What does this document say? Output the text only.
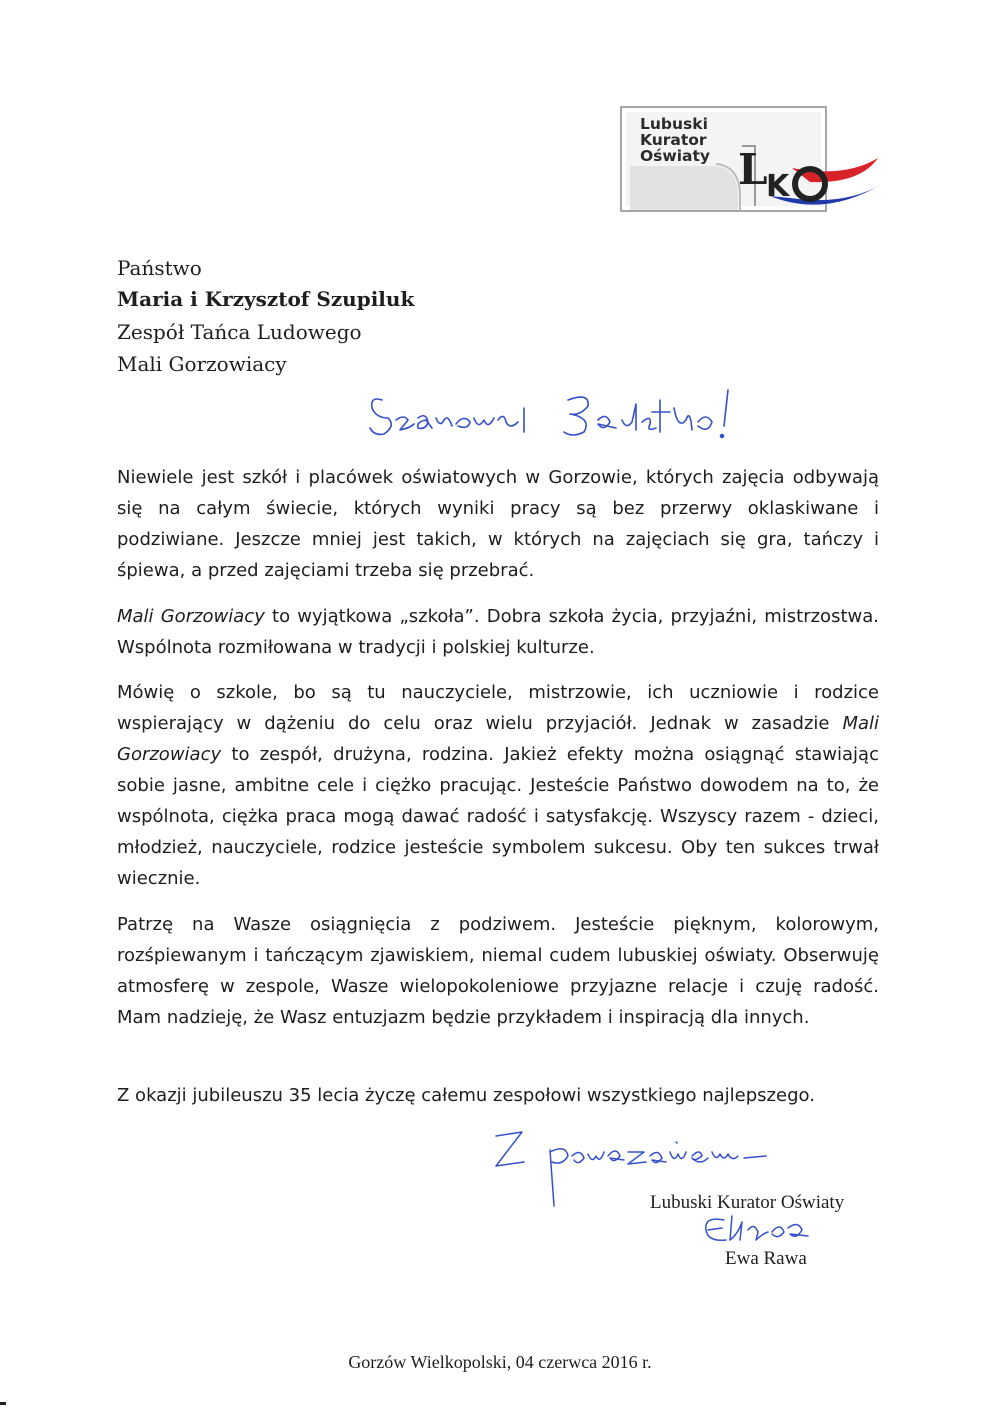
L
K
Lubuski
Kurator
Oświaty

Państwo

Maria i Krzysztof Szupiluk

Zespół Tańca Ludowego

Mali Gorzowiacy

Szanowni Państwo!

Niewiele jest szkół i placówek oświatowych w Gorzowie, których zajęcia odbywają się na całym świecie, których wyniki pracy są bez przerwy oklaskiwane i podziwiane. Jeszcze mniej jest takich, w których na zajęciach się gra, tańczy i śpiewa, a przed zajęciami trzeba się przebrać.

Mali Gorzowiacy to wyjątkowa „szkoła”. Dobra szkoła życia, przyjaźni, mistrzostwa. Wspólnota rozmiłowana w tradycji i polskiej kulturze.

Mówię o szkole, bo są tu nauczyciele, mistrzowie, ich uczniowie i rodzice wspierający w dążeniu do celu oraz wielu przyjaciół. Jednak w zasadzie Mali Gorzowiacy to zespół, drużyna, rodzina. Jakież efekty można osiągnąć stawiając sobie jasne, ambitne cele i ciężko pracując. Jesteście Państwo dowodem na to, że wspólnota, ciężka praca mogą dawać radość i satysfakcję. Wszyscy razem - dzieci, młodzież, nauczyciele, rodzice jesteście symbolem sukcesu. Oby ten sukces trwał wiecznie.

Patrzę na Wasze osiągnięcia z podziwem. Jesteście pięknym, kolorowym, rozśpiewanym i tańczącym zjawiskiem, niemal cudem lubuskiej oświaty. Obserwuję atmosferę w zespole, Wasze wielopokoleniowe przyjazne relacje i czuję radość. Mam nadzieję, że Wasz entuzjazm będzie przykładem i inspiracją dla innych.

Z okazji jubileuszu 35 lecia życzę całemu zespołowi wszystkiego najlepszego.

Z poważaniem -

Lubuski Kurator Oświaty

Ewa Rawa

Gorzów Wielkopolski, 04 czerwca 2016 r.
